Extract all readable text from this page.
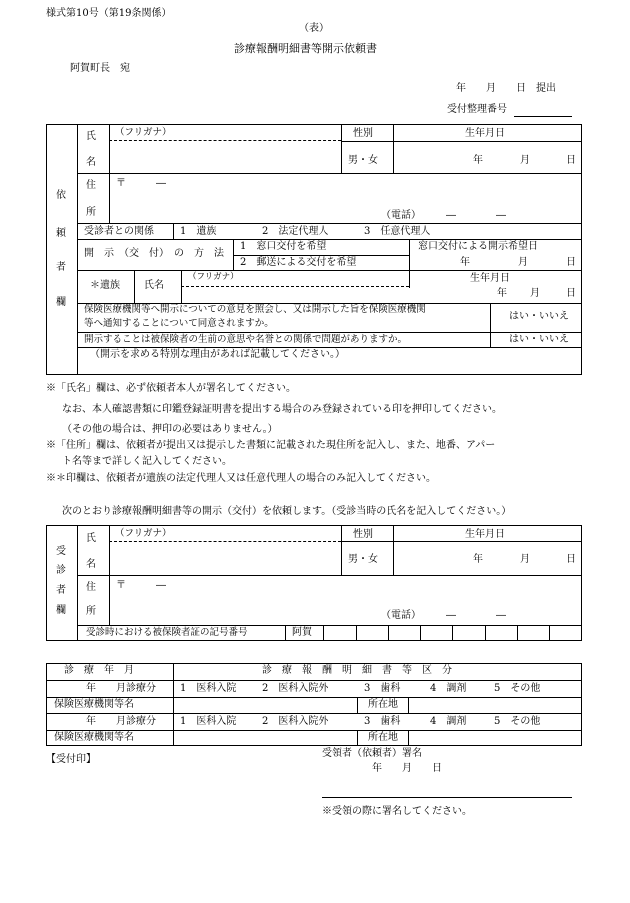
様式第10号（第19条関係）
（表）
診療報酬明細書等開示依頼書
阿賀町長　宛
年　　月　　日　提出
受付整理番号
依
頼
者
欄
氏
名
（フリガナ）	性別
男・女
生年月日
年	月	日
住
所
〒　　　―
（電話）　　　―　　　　―
受診者との関係	1　遺族	2　法定代理人	3　任意代理人
開　示　（交　付）　の　方　法
1　窓口交付を希望
2　郵送による交付を希望
窓口交付による開示希望日
年	月	日
＊遺族 氏名
（フリガナ）	生年月日
年 月	日
保険医療機関等へ開示についての意見を照会し、又は開示した旨を保険医療機関
等へ通知することについて同意されますか。
はい・いいえ
開示することは被保険者の生前の意思や名誉との関係で問題がありますか。	はい・いいえ
（開示を求める特別な理由があれば記載してください。）
※「氏名」欄は、必ず依頼者本人が署名してください。
なお、本人確認書類に印鑑登録証明書を提出する場合のみ登録されている印を押印してください。
（その他の場合は、押印の必要はありません。）
※「住所」欄は、依頼者が提出又は提示した書類に記載された現住所を記入し、また、地番、アパー
ト名等まで詳しく記入してください。
※＊印欄は、依頼者が遺族の法定代理人又は任意代理人の場合のみ記入してください。
次のとおり診療報酬明細書等の開示（交付）を依頼します。（受診当時の氏名を記入してください。）
受
診
者
欄
氏
名
（フリガナ）	性別
男・女
生年月日
年	月	日
住
所
〒　　　―
（電話）　　　―　　　　―
受診時における被保険者証の記号番号	阿賀
診　療　年　月	診　療　報　酬　明　細　書　等　区　分
年　　月診療分 1　医科入院	2　医科入院外	3　歯科	4　調剤	5　その他
保険医療機関等名	所在地
年　　月診療分 1　医科入院	2　医科入院外	3　歯科	4　調剤	5　その他
保険医療機関等名	所在地
【受付印】
受領者（依頼者）署名
年　　月　　日
※受領の際に署名してください。
